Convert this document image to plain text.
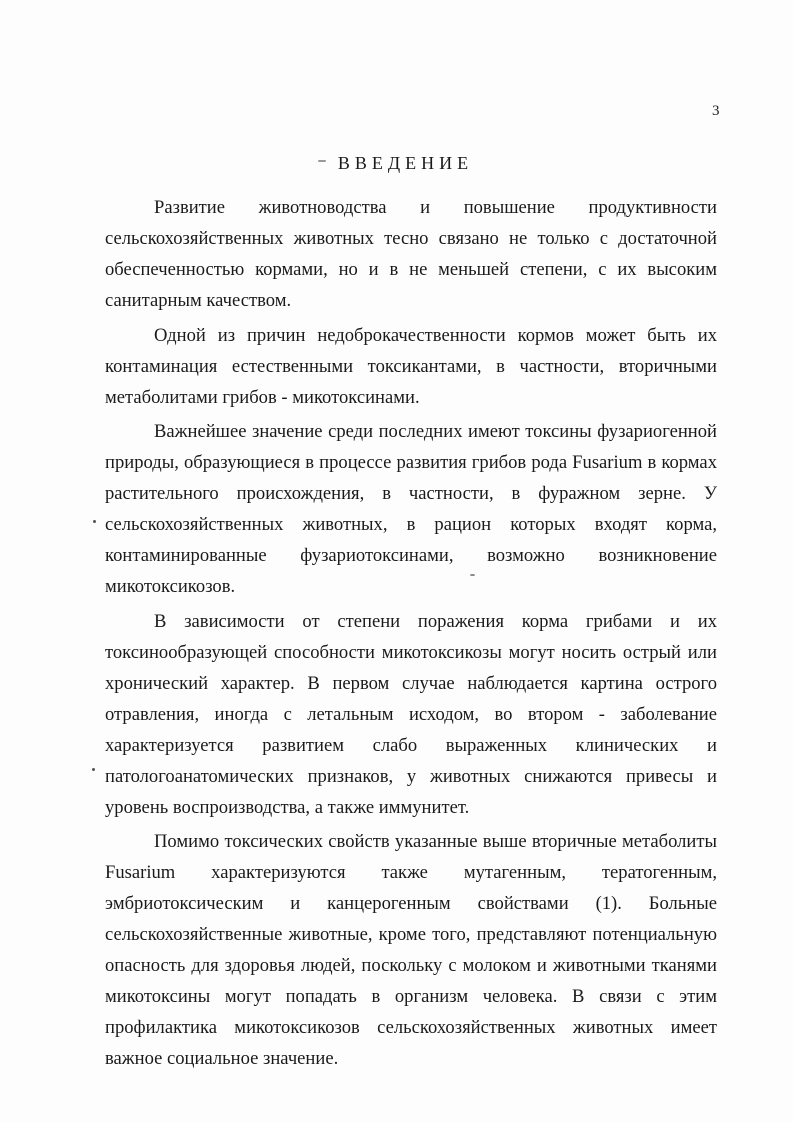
3
ВВЕДЕНИЕ

Развитие животноводства и повышение продуктивности сельскохозяйственных животных тесно связано не только с достаточной обеспеченностью кормами, но и в не меньшей степени, с их высоким санитарным качеством.

Одной из причин недоброкачественности кормов может быть их контаминация естественными токсикантами, в частности, вторичными метаболитами грибов - микотоксинами.

Важнейшее значение среди последних имеют токсины фузариогенной природы, образующиеся в процессе развития грибов рода Fusarium в кормах растительного происхождения, в частности, в фуражном зерне. У сельскохозяйственных животных, в рацион которых входят корма, контаминированные фузариотоксинами, возможно возникновение микотоксикозов.

В зависимости от степени поражения корма грибами и их токсинообразующей способности микотоксикозы могут носить острый или хронический характер. В первом случае наблюдается картина острого отравления, иногда с летальным исходом, во втором - заболевание характеризуется развитием слабо выраженных клинических и патологоанатомических признаков, у животных снижаются привесы и уровень воспроизводства, а также иммунитет.

Помимо токсических свойств указанные выше вторичные метаболиты Fusarium характеризуются также мутагенным, тератогенным, эмбриотоксическим и канцерогенным свойствами (1). Больные сельскохозяйственные животные, кроме того, представляют потенциальную опасность для здоровья людей, поскольку с молоком и животными тканями микотоксины могут попадать в организм человека. В связи с этим профилактика микотоксикозов сельскохозяйственных животных имеет важное социальное значение.
